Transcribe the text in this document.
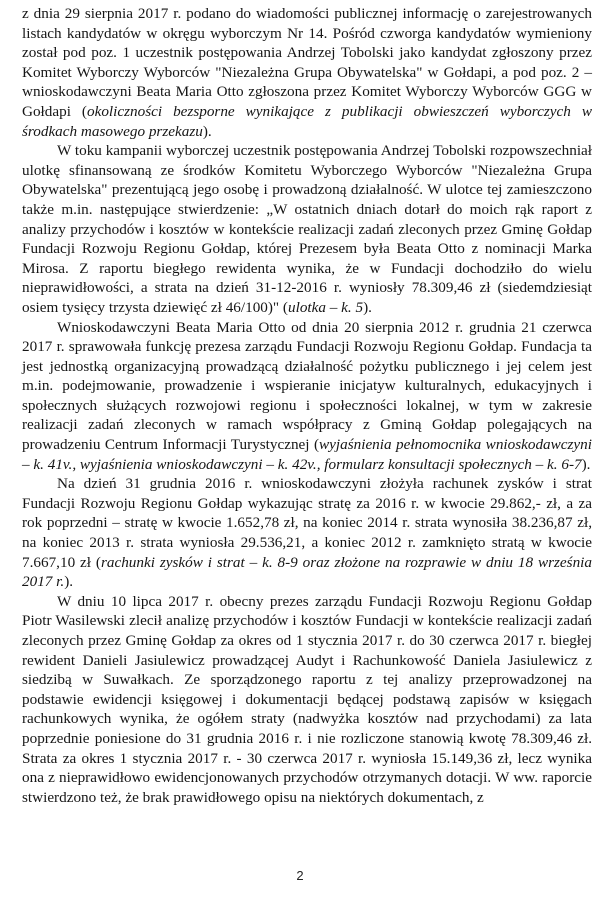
z dnia 29 sierpnia 2017 r. podano do wiadomości publicznej informację o zarejestrowanych listach kandydatów w okręgu wyborczym Nr 14. Pośród czworga kandydatów wymieniony został pod poz. 1 uczestnik postępowania Andrzej Tobolski jako kandydat zgłoszony przez Komitet Wyborczy Wyborców "Niezależna Grupa Obywatelska" w Gołdapi, a pod poz. 2 – wnioskodawczyni Beata Maria Otto zgłoszona przez Komitet Wyborczy Wyborców GGG w Gołdapi (okoliczności bezsporne wynikające z publikacji obwieszczeń wyborczych w środkach masowego przekazu).

W toku kampanii wyborczej uczestnik postępowania Andrzej Tobolski rozpowszechniał ulotkę sfinansowaną ze środków Komitetu Wyborczego Wyborców "Niezależna Grupa Obywatelska" prezentującą jego osobę i prowadzoną działalność. W ulotce tej zamieszczono także m.in. następujące stwierdzenie: „W ostatnich dniach dotarł do moich rąk raport z analizy przychodów i kosztów w kontekście realizacji zadań zleconych przez Gminę Gołdap Fundacji Rozwoju Regionu Gołdap, której Prezesem była Beata Otto z nominacji Marka Mirosa. Z raportu biegłego rewidenta wynika, że w Fundacji dochodziło do wielu nieprawidłowości, a strata na dzień 31-12-2016 r. wyniosły 78.309,46 zł (siedemdziesiąt osiem tysięcy trzysta dziewięć zł 46/100)" (ulotka – k. 5).

Wnioskodawczyni Beata Maria Otto od dnia 20 sierpnia 2012 r. grudnia 21 czerwca 2017 r. sprawowała funkcję prezesa zarządu Fundacji Rozwoju Regionu Gołdap. Fundacja ta jest jednostką organizacyjną prowadzącą działalność pożytku publicznego i jej celem jest m.in. podejmowanie, prowadzenie i wspieranie inicjatyw kulturalnych, edukacyjnych i społecznych służących rozwojowi regionu i społeczności lokalnej, w tym w zakresie realizacji zadań zleconych w ramach współpracy z Gminą Gołdap polegających na prowadzeniu Centrum Informacji Turystycznej (wyjaśnienia pełnomocnika wnioskodawczyni – k. 41v., wyjaśnienia wnioskodawczyni – k. 42v., formularz konsultacji społecznych – k. 6-7).

Na dzień 31 grudnia 2016 r. wnioskodawczyni złożyła rachunek zysków i strat Fundacji Rozwoju Regionu Gołdap wykazując stratę za 2016 r. w kwocie 29.862,- zł, a za rok poprzedni – stratę w kwocie 1.652,78 zł, na koniec 2014 r. strata wynosiła 38.236,87 zł, na koniec 2013 r. strata wyniosła 29.536,21, a koniec 2012 r. zamknięto stratą w kwocie 7.667,10 zł (rachunki zysków i strat – k. 8-9 oraz złożone na rozprawie w dniu 18 września 2017 r.).

W dniu 10 lipca 2017 r. obecny prezes zarządu Fundacji Rozwoju Regionu Gołdap Piotr Wasilewski zlecił analizę przychodów i kosztów Fundacji w kontekście realizacji zadań zleconych przez Gminę Gołdap za okres od 1 stycznia 2017 r. do 30 czerwca 2017 r. biegłej rewident Danieli Jasiulewicz prowadzącej Audyt i Rachunkowość Daniela Jasiulewicz z siedzibą w Suwałkach. Ze sporządzonego raportu z tej analizy przeprowadzonej na podstawie ewidencji księgowej i dokumentacji będącej podstawą zapisów w księgach rachunkowych wynika, że ogółem straty (nadwyżka kosztów nad przychodami) za lata poprzednie poniesione do 31 grudnia 2016 r. i nie rozliczone stanowią kwotę 78.309,46 zł. Strata za okres 1 stycznia 2017 r. - 30 czerwca 2017 r. wyniosła 15.149,36 zł, lecz wynika ona z nieprawidłowo ewidencjonowanych przychodów otrzymanych dotacji. W ww. raporcie stwierdzono też, że brak prawidłowego opisu na niektórych dokumentach, z

2
